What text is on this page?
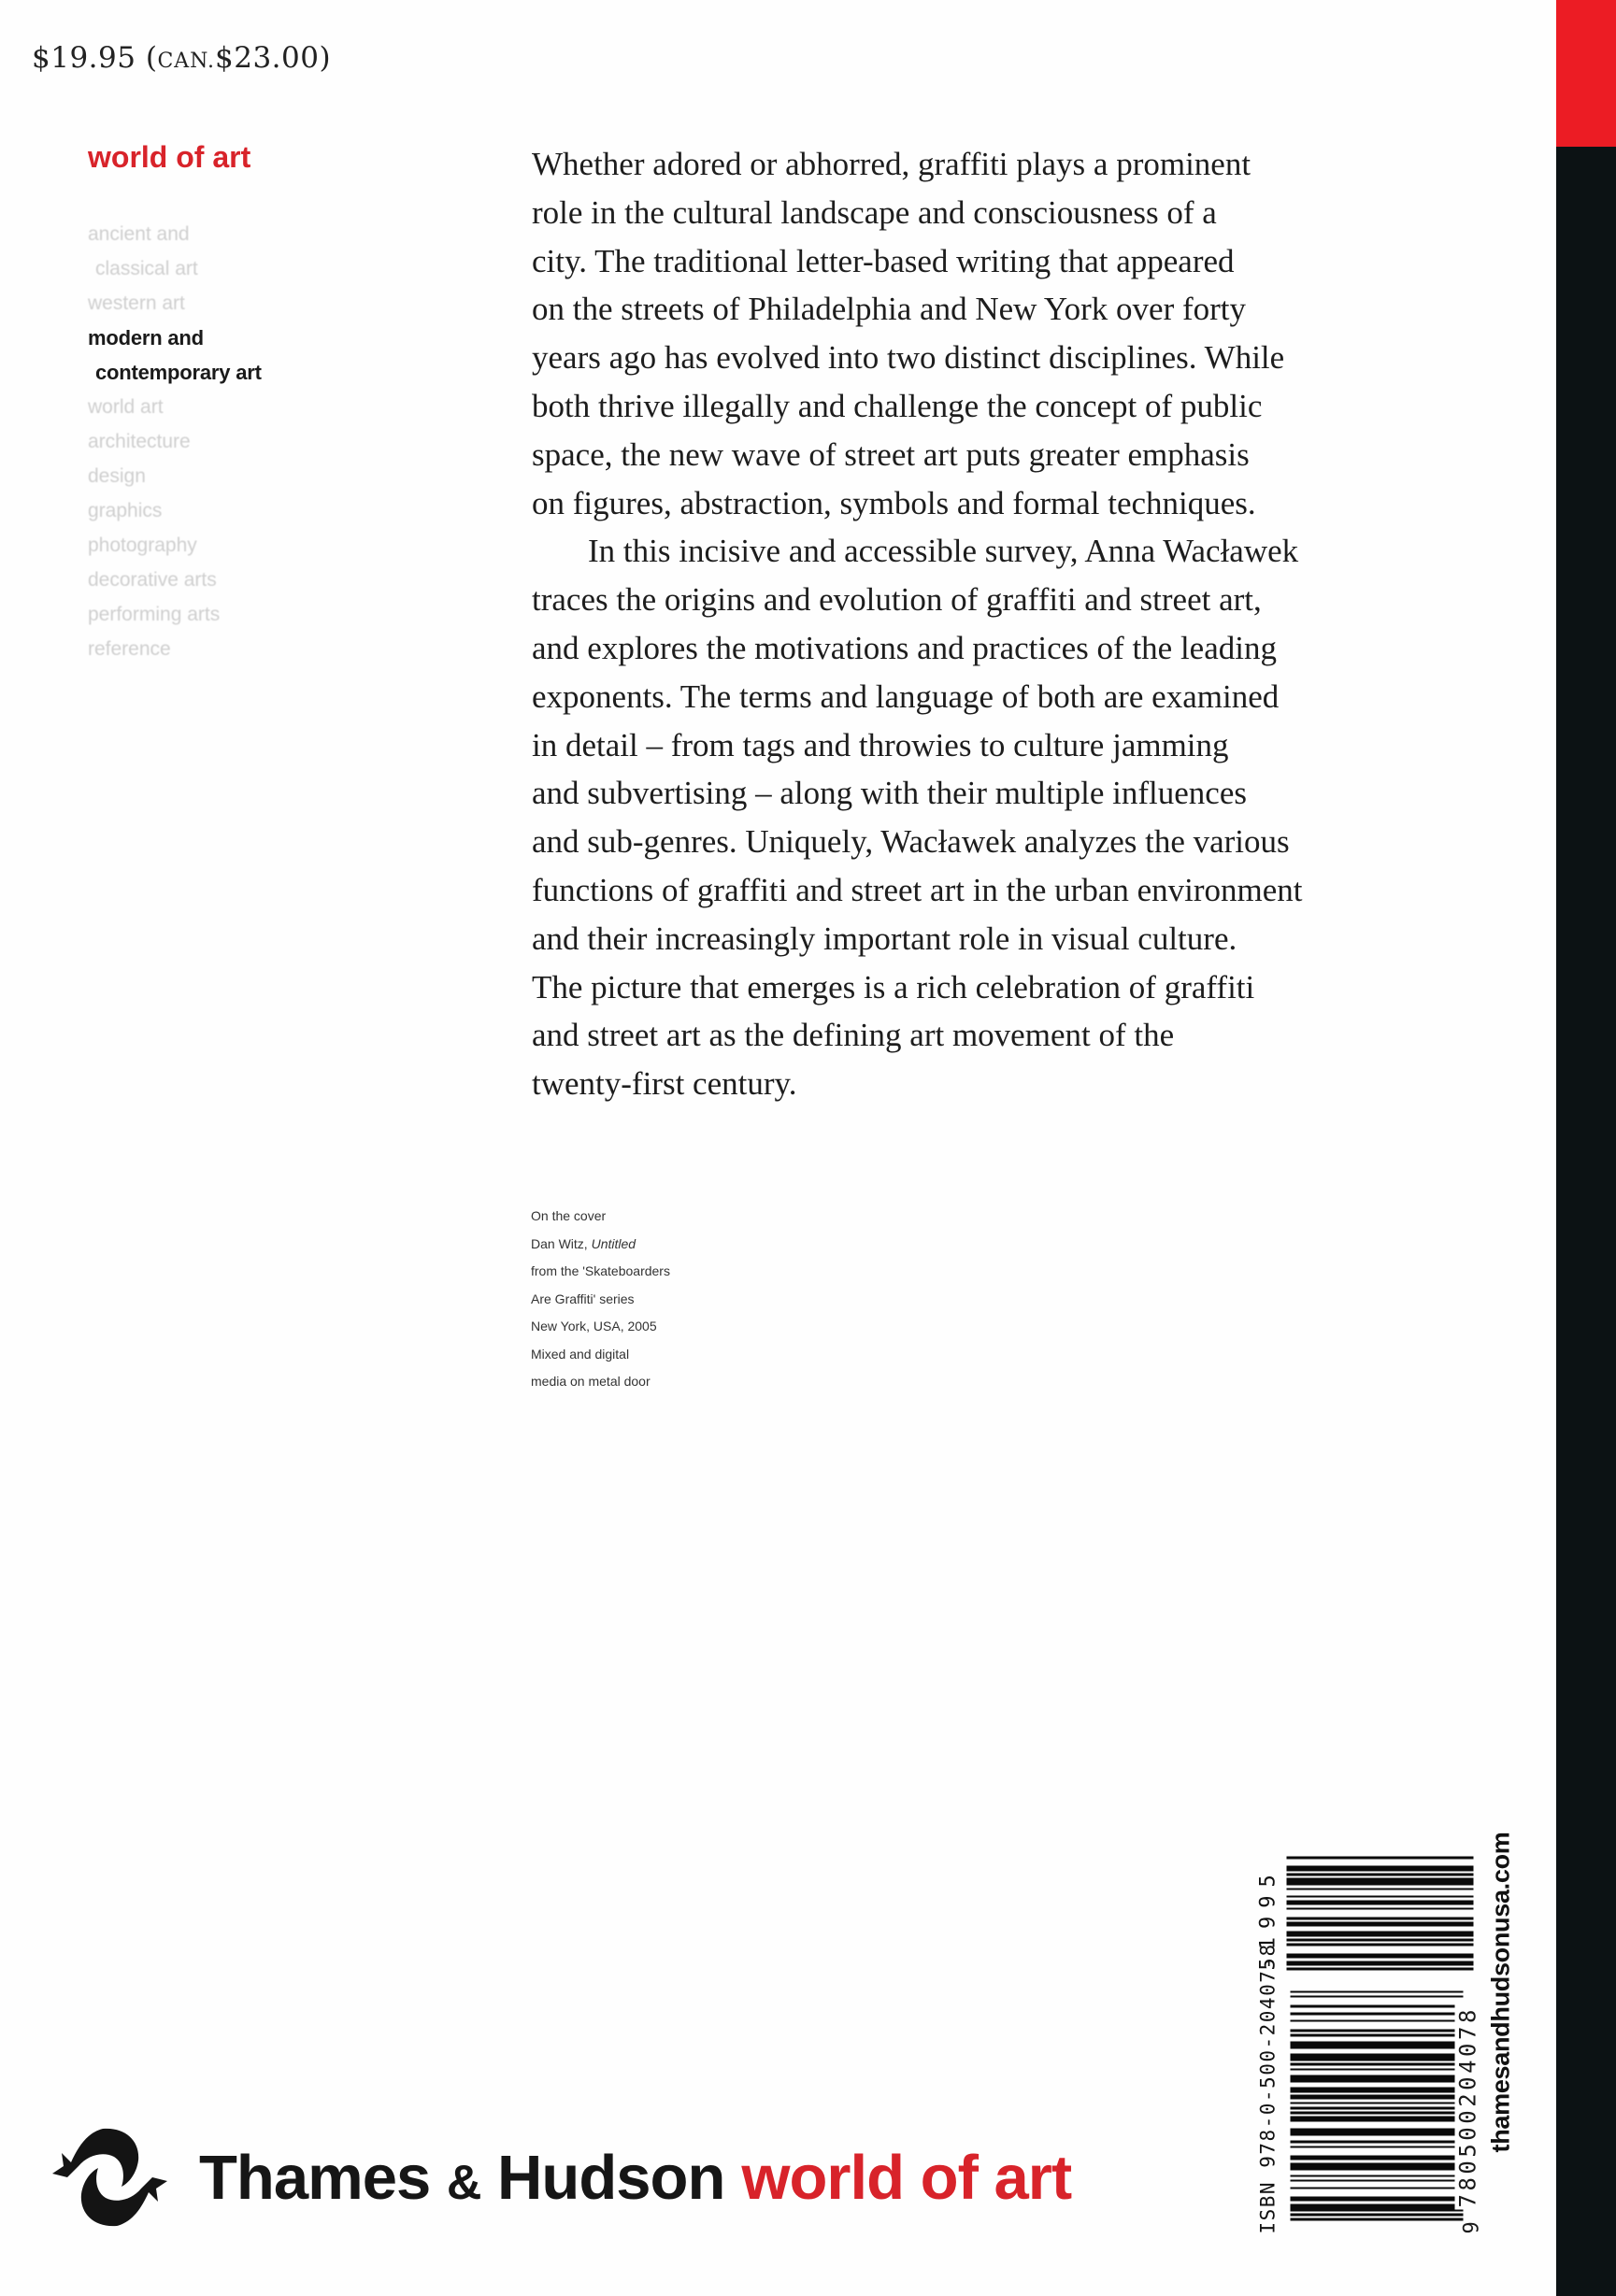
$19.95 (CAN.$23.00)
world of art
ancient and
classical art
western art
modern and
contemporary art
world art
architecture
design
graphics
photography
decorative arts
performing arts
reference
Whether adored or abhorred, graffiti plays a prominent
role in the cultural landscape and consciousness of a
city. The traditional letter-based writing that appeared
on the streets of Philadelphia and New York over forty
years ago has evolved into two distinct disciplines. While
both thrive illegally and challenge the concept of public
space, the new wave of street art puts greater emphasis
on figures, abstraction, symbols and formal techniques.
In this incisive and accessible survey, Anna Wacławek
traces the origins and evolution of graffiti and street art,
and explores the motivations and practices of the leading
exponents. The terms and language of both are examined
in detail – from tags and throwies to culture jamming
and subvertising – along with their multiple influences
and sub-genres. Uniquely, Wacławek analyzes the various
functions of graffiti and street art in the urban environment
and their increasingly important role in visual culture.
The picture that emerges is a rich celebration of graffiti
and street art as the defining art movement of the
twenty-first century.
On the cover
Dan Witz, Untitled
from the 'Skateboarders
Are Graffiti' series
New York, USA, 2005
Mixed and digital
media on metal door
Thames & Hudson world of art	ISBN 978-0-500-20407-8
51995
9
780500204078 thamesandhudsonusa.com
